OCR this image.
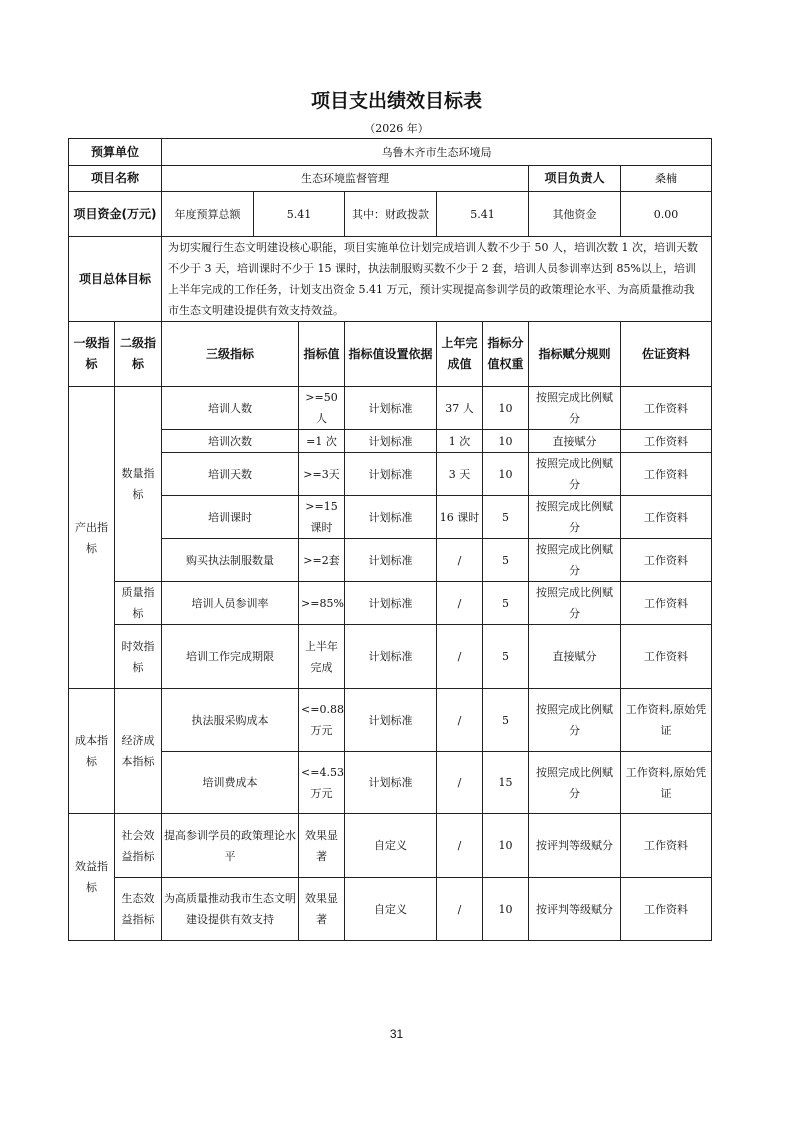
项目支出绩效目标表
（2026 年）
预算单位		乌鲁木齐市生态环境局							
项目名称		生态环境监督管理						项目负责人	桑楠
项目资金(万元)		年度预算总额	5.41		其中：财政拨款	5.41		其他资金	0.00
项目总体目标		为切实履行生态文明建设核心职能，项目实施单位计划完成培训人数不少于 50 人，培训次数 1 次，培训天数不少于 3 天，培训课时不少于 15 课时，执法制服购买数不少于 2 套，培训人员参训率达到 85%以上，培训上半年完成的工作任务，计划支出资金 5.41 万元，预计实现提高参训学员的政策理论水平、为高质量推动我市生态文明建设提供有效支持效益。							
一级指标	二级指标	三级指标		指标值	指标值设置依据	上年完成值	指标分值权重	指标赋分规则	佐证资料
产出指标	数量指标	培训人数		>=50人	计划标准	37 人	10	按照完成比例赋分	工作资料
		培训次数		=1 次	计划标准	1 次	10	直接赋分	工作资料
		培训天数		>=3天	计划标准	3 天	10	按照完成比例赋分	工作资料
		培训课时		>=15课时	计划标准	16 课时	5	按照完成比例赋分	工作资料
		购买执法制服数量		>=2套	计划标准	/	5	按照完成比例赋分	工作资料
	质量指标	培训人员参训率		>=85%	计划标准	/	5	按照完成比例赋分	工作资料
	时效指标	培训工作完成期限		上半年完成	计划标准	/	5	直接赋分	工作资料
成本指标	经济成本指标	执法服采购成本		<=0.88万元	计划标准	/	5	按照完成比例赋分	工作资料,原始凭证
		培训费成本		<=4.53万元	计划标准	/	15	按照完成比例赋分	工作资料,原始凭证
效益指标	社会效益指标	提高参训学员的政策理论水平		效果显著	自定义	/	10	按评判等级赋分	工作资料
	生态效益指标	为高质量推动我市生态文明建设提供有效支持		效果显著	自定义	/	10	按评判等级赋分	工作资料
31
